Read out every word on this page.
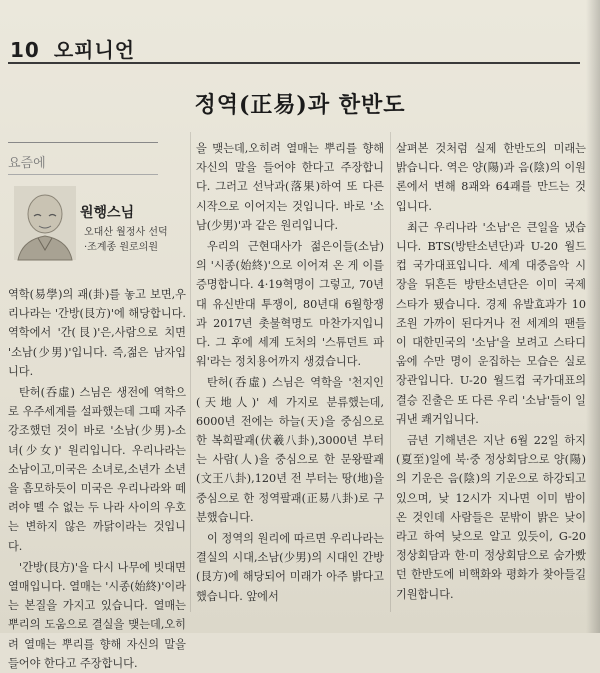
10 오피니언
정역(正易)과 한반도
요즘에
원행스님
오대산 월정사 선덕
·조계종 원로의원

역학(易學)의 괘(卦)를 놓고 보면,우리나라는 '간방(艮方)'에 해당합니다. 역학에서 '간(艮)'은,사람으로 치면 '소남(少男)'입니다. 즉,젊은 남자입니다.

탄허(呑虛) 스님은 생전에 역학으로 우주세계를 설파했는데 그때 자주 강조했던 것이 바로 '소남(少男)-소녀(少女)' 원리입니다. 우리나라는 소남이고,미국은 소녀로,소년가 소년을 흠모하듯이 미국은 우리나라와 떼려야 뗄 수 없는 두 나라 사이의 우호는 변하지 않은 까닭이라는 것입니다.

'간방(艮方)'을 다시 나무에 빗대면 열매입니다. 열매는 '시종(始終)'이라는 본질을 가지고 있습니다. 열매는 뿌리의 도움으로 결실을 맺는데,오히려 열매는 뿌리를 향해 자신의 말을 들어야 한다고 주장합니다.

을 맺는데,오히려 열매는 뿌리를 향해 자신의 말을 들어야 한다고 주장합니다. 그러고 선낙과(落果)하여 또 다른 시작으로 이어지는 것입니다. 바로 '소남(少男)'과 같은 원리입니다.

우리의 근현대사가 젊은이들(소남)의 '시종(始終)'으로 이어져 온 게 이를 증명합니다. 4·19혁명이 그렇고, 70년대 유신반대 투쟁이, 80년대 6월항쟁과 2017년 촛불혁명도 마찬가지입니다. 그 후에 세계 도처의 '스튜던트 파워'라는 정치용어까지 생겼습니다.

탄허(呑虛) 스님은 역학을 '천지인(天地人)' 세 가지로 분류했는데, 6000년 전에는 하늘(天)을 중심으로 한 복희팔괘(伏羲八卦),3000년 부터는 사람(人)을 중심으로 한 문왕팔괘(文王八卦),120년 전 부터는 땅(地)을 중심으로 한 정역팔괘(正易八卦)로 구분했습니다.

이 정역의 원리에 따르면 우리나라는 결실의 시대,소남(少男)의 시대인 간방(艮方)에 해당되어 미래가 아주 밝다고 했습니다. 앞에서

살펴본 것처럼 실제 한반도의 미래는 밝습니다. 역은 양(陽)과 음(陰)의 이원론에서 변해 8괘와 64괘를 만드는 것입니다.

최근 우리나라 '소남'은 큰일을 냈습니다. BTS(방탄소년단)과 U-20 월드컵 국가대표입니다. 세계 대중음악 시장을 뒤흔든 방탄소년단은 이미 국제 스타가 됐습니다. 경제 유발효과가 10조원 가까이 된다거나 전 세계의 팬들이 대한민국의 '소남'을 보려고 스타디움에 수만 명이 운집하는 모습은 실로 장관입니다. U-20 월드컵 국가대표의 결승 진출은 또 다른 우리 '소남'들이 일궈낸 쾌거입니다.

금년 기해년은 지난 6월 22일 하지(夏至)일에 북·중 정상회담으로 양(陽)의 기운은 음(陰)의 기운으로 하강되고 있으며, 낮 12시가 지나면 이미 밤이 온 것인데 사람들은 문밖이 밝은 낮이라고 하여 낮으로 알고 있듯이, G-20 정상회담과 한·미 정상회담으로 숨가빴던 한반도에 비핵화와 평화가 찾아들길 기원합니다.
